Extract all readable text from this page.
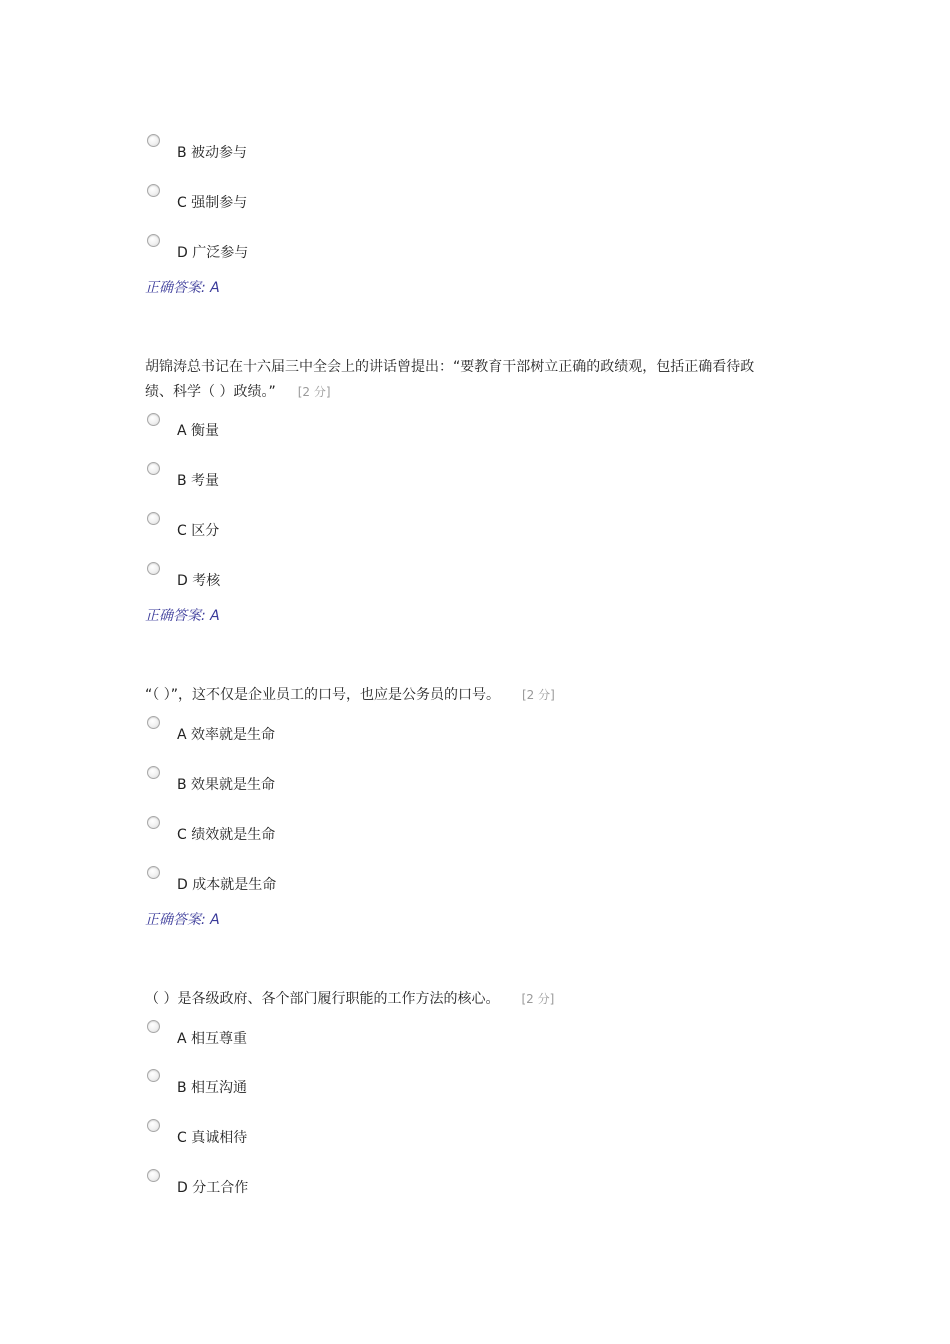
B 被动参与
C 强制参与
D 广泛参与
正确答案: A
胡锦涛总书记在十六届三中全会上的讲话曾提出：“要教育干部树立正确的政绩观，包括正确看待政
绩、科学（ ）政绩。” [2 分]
A 衡量
B 考量
C 区分
D 考核
正确答案: A
“（ ）”，这不仅是企业员工的口号，也应是公务员的口号。 [2 分]
A 效率就是生命
B 效果就是生命
C 绩效就是生命
D 成本就是生命
正确答案: A
（ ）是各级政府、各个部门履行职能的工作方法的核心。 [2 分]
A 相互尊重
B 相互沟通
C 真诚相待
D 分工合作
